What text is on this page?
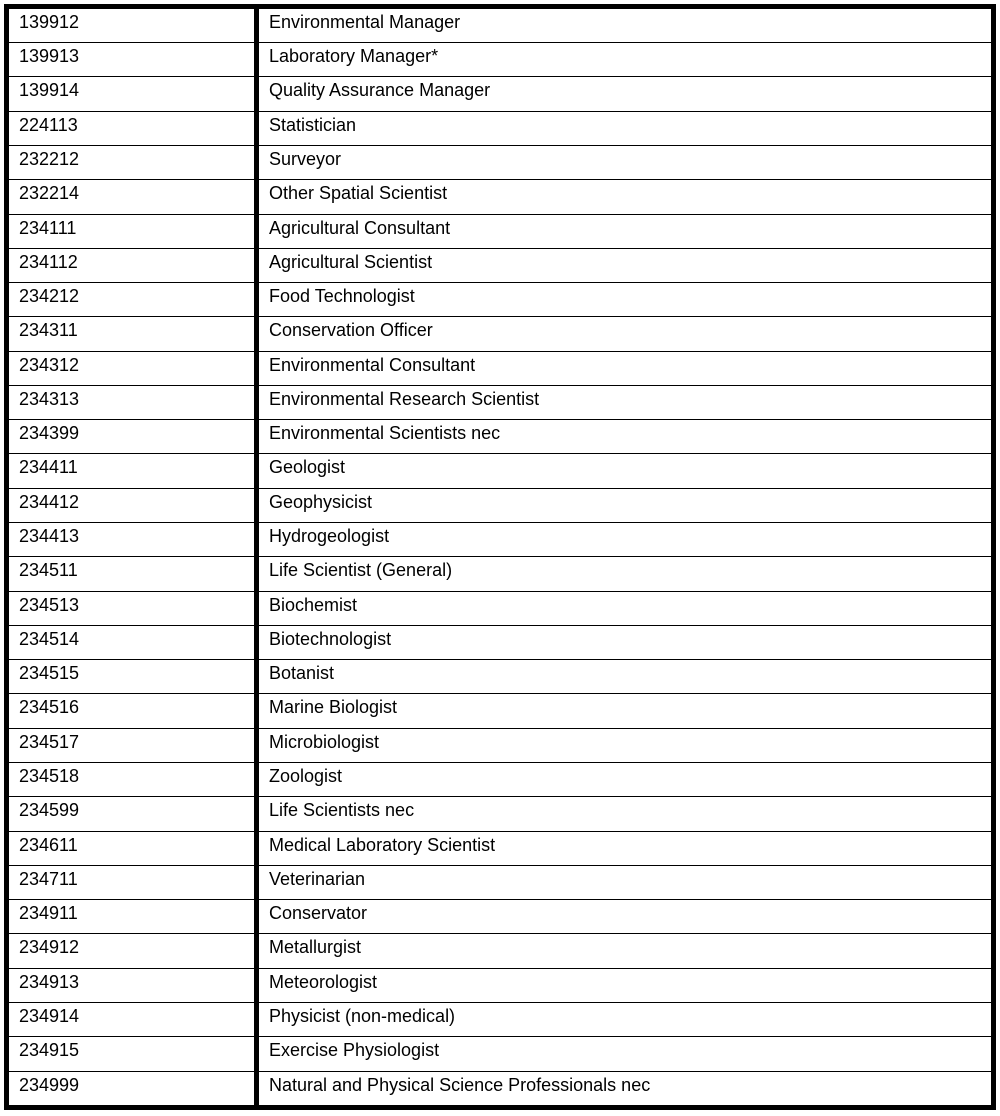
139912	Environmental Manager
139913	Laboratory Manager*
139914	Quality Assurance Manager
224113	Statistician
232212	Surveyor
232214	Other Spatial Scientist
234111	Agricultural Consultant
234112	Agricultural Scientist
234212	Food Technologist
234311	Conservation Officer
234312	Environmental Consultant
234313	Environmental Research Scientist
234399	Environmental Scientists nec
234411	Geologist
234412	Geophysicist
234413	Hydrogeologist
234511	Life Scientist (General)
234513	Biochemist
234514	Biotechnologist
234515	Botanist
234516	Marine Biologist
234517	Microbiologist
234518	Zoologist
234599	Life Scientists nec
234611	Medical Laboratory Scientist
234711	Veterinarian
234911	Conservator
234912	Metallurgist
234913	Meteorologist
234914	Physicist (non-medical)
234915	Exercise Physiologist
234999	Natural and Physical Science Professionals nec
